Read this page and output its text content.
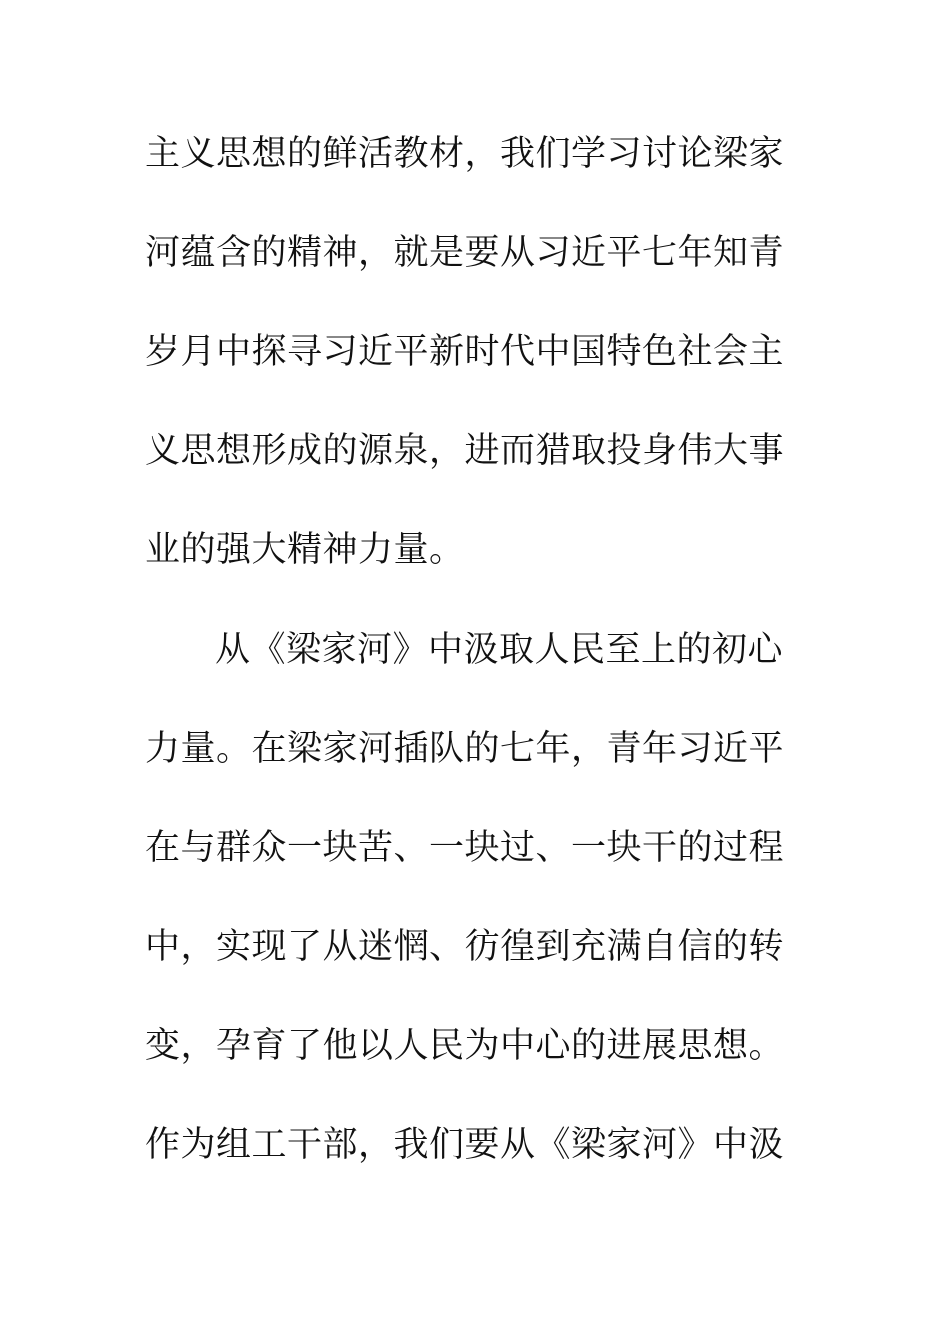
主义思想的鲜活教材，我们学习讨论梁家
河蕴含的精神，就是要从习近平七年知青
岁月中探寻习近平新时代中国特色社会主
义思想形成的源泉，进而猎取投身伟大事
业的强大精神力量。
从《梁家河》中汲取人民至上的初心
力量。在梁家河插队的七年，青年习近平
在与群众一块苦、一块过、一块干的过程
中，实现了从迷惘、彷徨到充满自信的转
变，孕育了他以人民为中心的进展思想。
作为组工干部，我们要从《梁家河》中汲
